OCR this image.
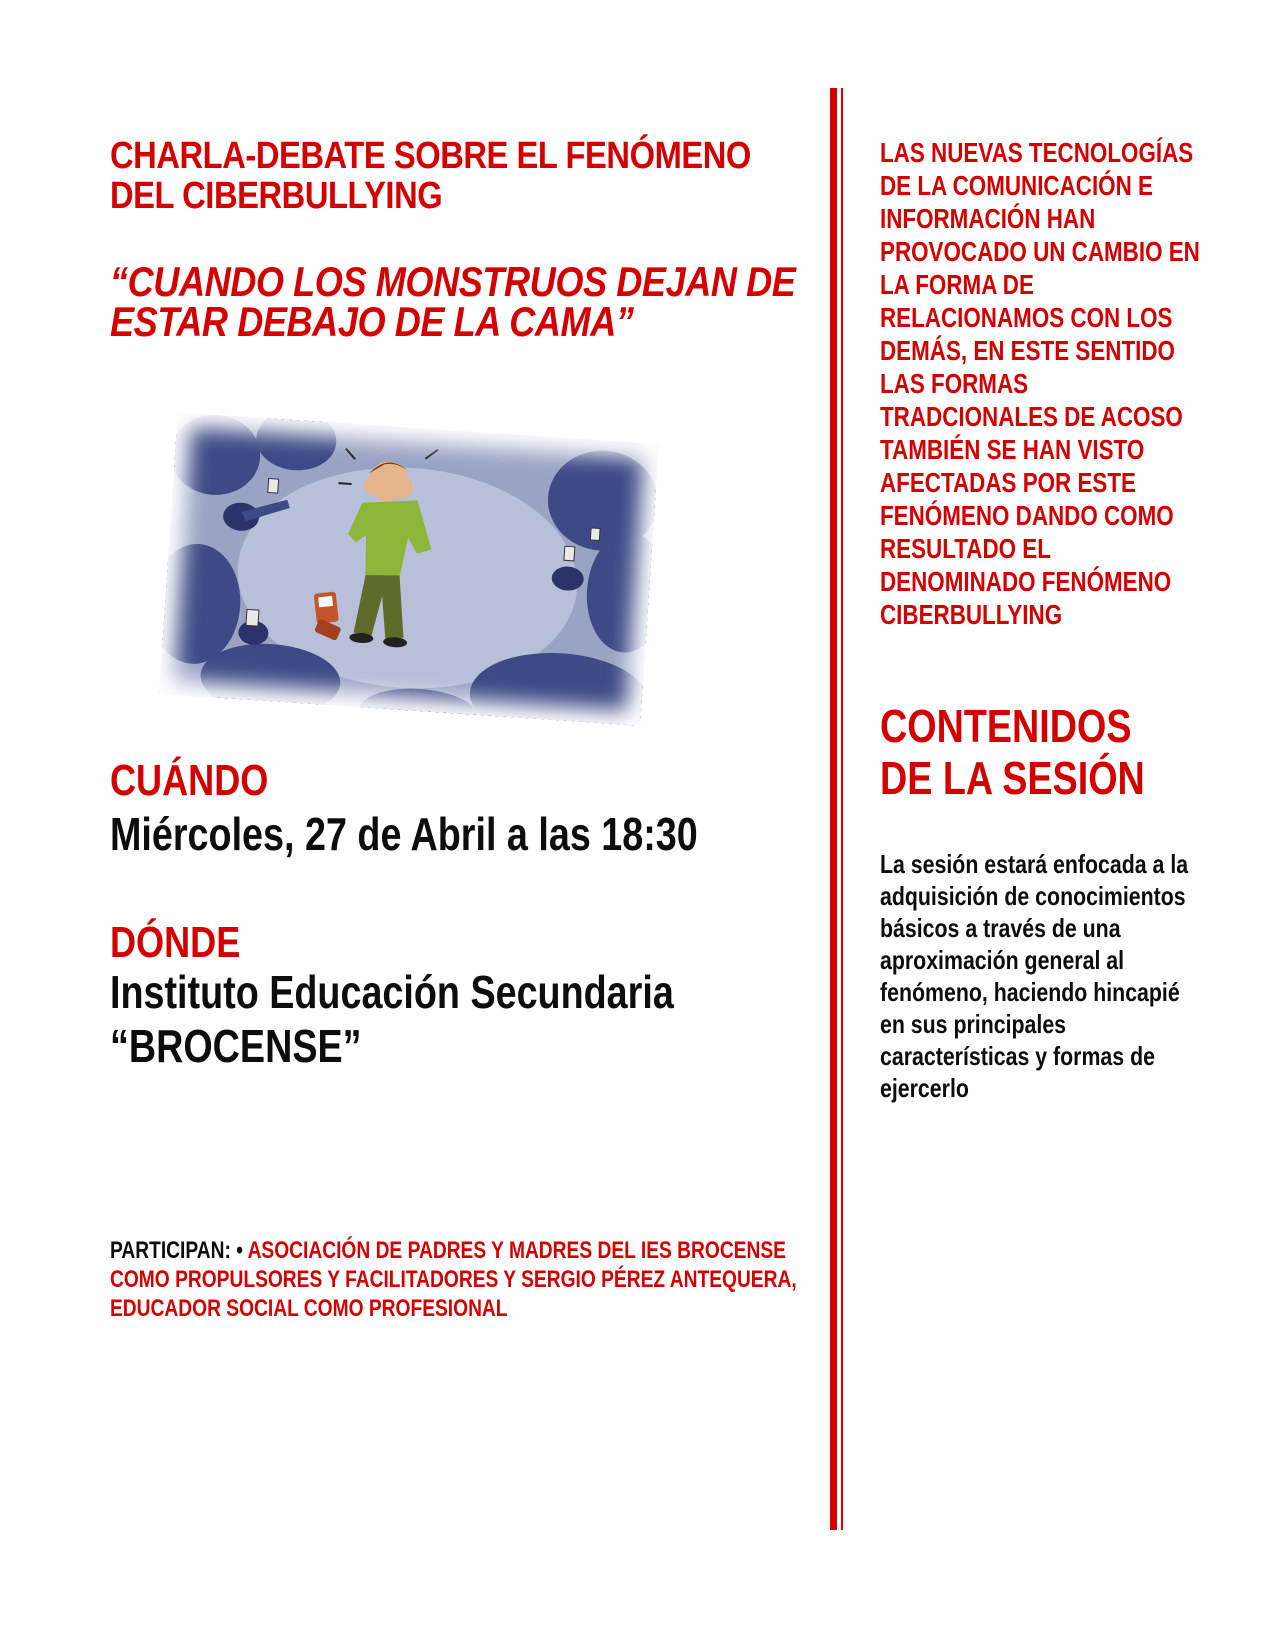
CHARLA-DEBATE SOBRE EL FENÓMENO DEL CIBERBULLYING
“CUANDO LOS MONSTRUOS DEJAN DE ESTAR DEBAJO DE LA CAMA”
CUÁNDO
Miércoles, 27 de Abril a las 18:30
DÓNDE
Instituto Educación Secundaria
“BROCENSE”
PARTICIPAN: • ASOCIACIÓN DE PADRES Y MADRES DEL IES BROCENSE COMO PROPULSORES Y FACILITADORES Y SERGIO PÉREZ ANTEQUERA, EDUCADOR SOCIAL COMO PROFESIONAL
LAS NUEVAS TECNOLOGÍAS DE LA COMUNICACIÓN E INFORMACIÓN HAN PROVOCADO UN CAMBIO EN LA FORMA DE RELACIONAMOS CON LOS DEMÁS, EN ESTE SENTIDO LAS FORMAS TRADCIONALES DE ACOSO TAMBIÉN SE HAN VISTO AFECTADAS POR ESTE FENÓMENO DANDO COMO RESULTADO EL DENOMINADO FENÓMENO CIBERBULLYING
CONTENIDOS DE LA SESIÓN
La sesión estará enfocada a la adquisición de conocimientos básicos a través de una aproximación general al fenómeno, haciendo hincapié en sus principales características y formas de ejercerlo
